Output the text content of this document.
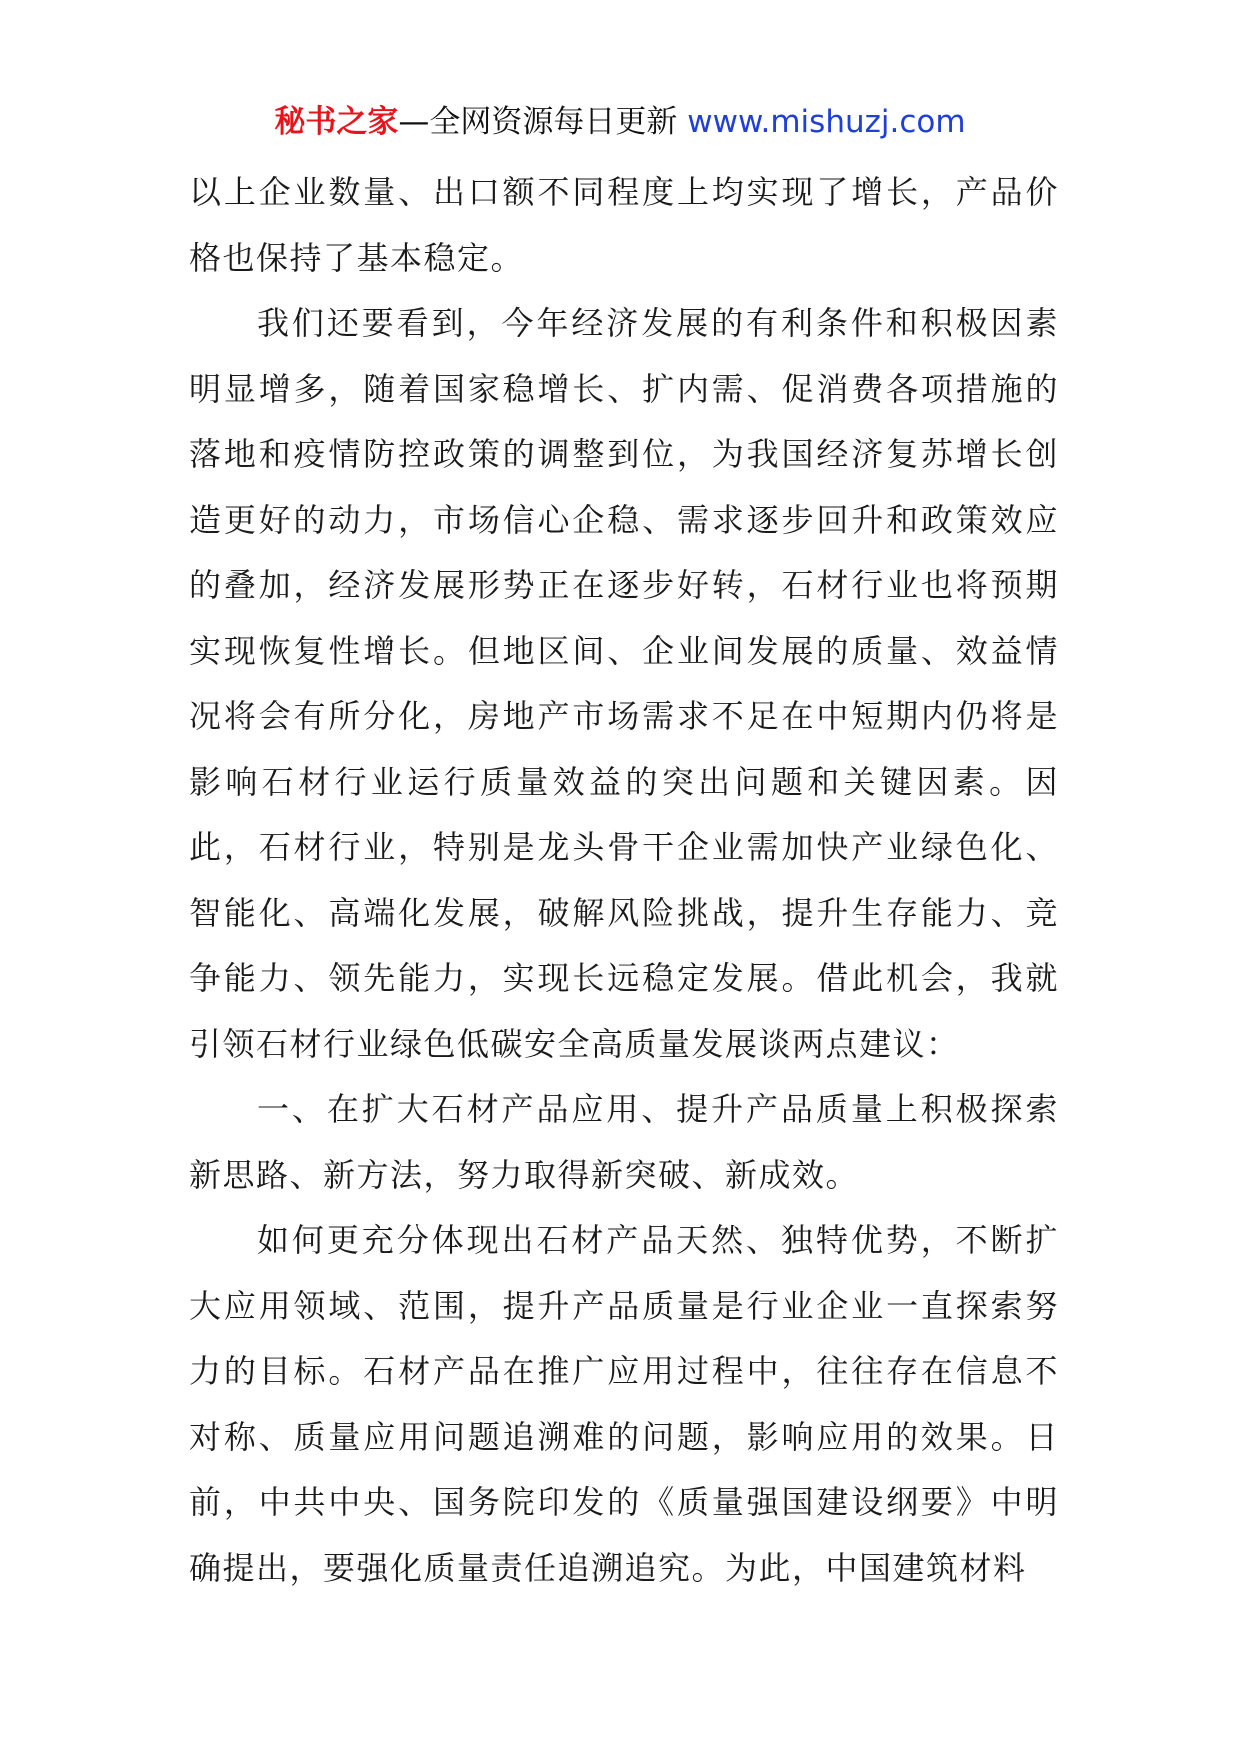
秘书之家—全网资源每日更新 www.mishuzj.com

以上企业数量、出口额不同程度上均实现了增长，产品价格也保持了基本稳定。

我们还要看到，今年经济发展的有利条件和积极因素明显增多，随着国家稳增长、扩内需、促消费各项措施的落地和疫情防控政策的调整到位，为我国经济复苏增长创造更好的动力，市场信心企稳、需求逐步回升和政策效应的叠加，经济发展形势正在逐步好转，石材行业也将预期实现恢复性增长。但地区间、企业间发展的质量、效益情况将会有所分化，房地产市场需求不足在中短期内仍将是影响石材行业运行质量效益的突出问题和关键因素。因此，石材行业，特别是龙头骨干企业需加快产业绿色化、智能化、高端化发展，破解风险挑战，提升生存能力、竞争能力、领先能力，实现长远稳定发展。借此机会，我就引领石材行业绿色低碳安全高质量发展谈两点建议：

一、在扩大石材产品应用、提升产品质量上积极探索新思路、新方法，努力取得新突破、新成效。

如何更充分体现出石材产品天然、独特优势，不断扩大应用领域、范围，提升产品质量是行业企业一直探索努力的目标。石材产品在推广应用过程中，往往存在信息不对称、质量应用问题追溯难的问题，影响应用的效果。日前，中共中央、国务院印发的《质量强国建设纲要》中明确提出，要强化质量责任追溯追究。为此，中国建筑材料
